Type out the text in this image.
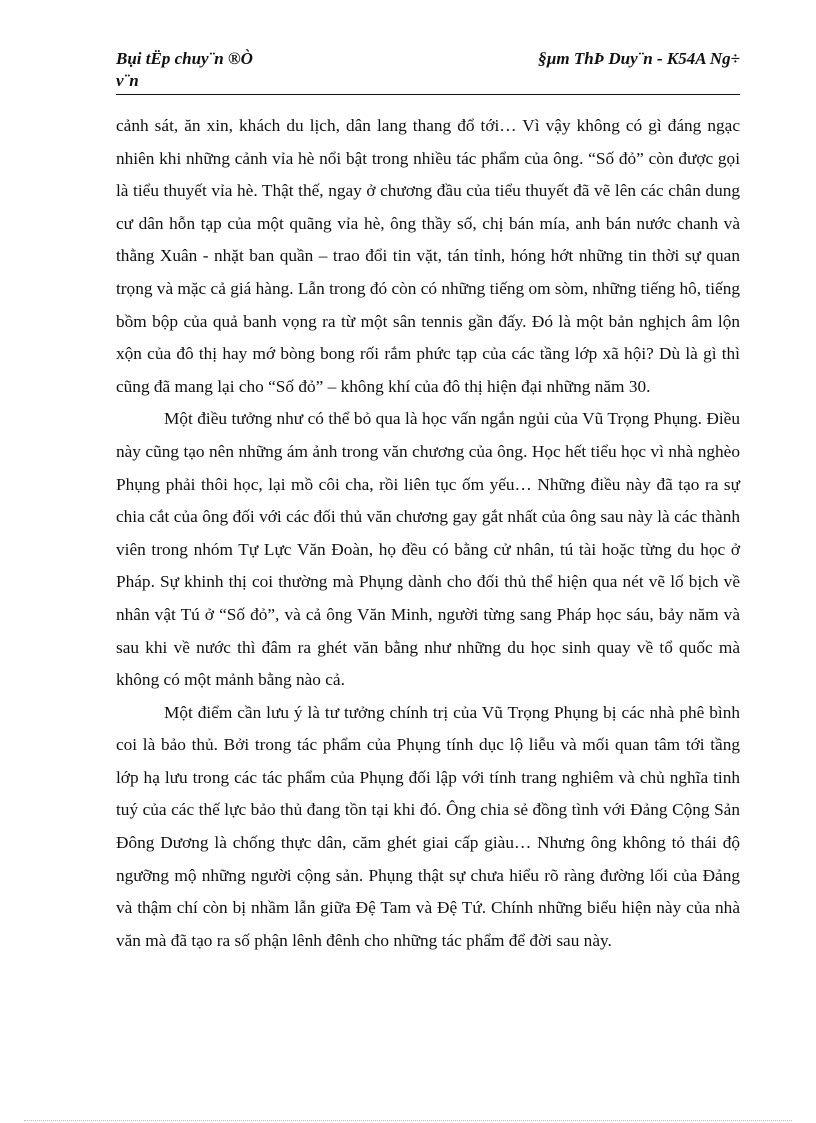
Bụi tËp chuy¨n ®Ò
v¨n
§µm ThÞ Duy¨n - K54A Ng÷

cảnh sát, ăn xin, khách du lịch, dân lang thang đổ tới… Vì vậy không có gì đáng ngạc nhiên khi những cảnh vỉa hè nổi bật trong nhiều tác phẩm của ông. “Số đỏ” còn được gọi là tiểu thuyết vỉa hè. Thật thế, ngay ở chương đầu của tiểu thuyết đã vẽ lên các chân dung cư dân hỗn tạp của một quãng vỉa hè, ông thầy số, chị bán mía, anh bán nước chanh và thằng Xuân - nhặt ban quần – trao đổi tin vặt, tán tỉnh, hóng hớt những tin thời sự quan trọng và mặc cả giá hàng. Lẫn trong đó còn có những tiếng om sòm, những tiếng hô, tiếng bồm bộp của quả banh vọng ra từ một sân tennis gần đấy. Đó là một bản nghịch âm lộn xộn của đô thị hay mớ bòng bong rối rắm phức tạp của các tầng lớp xã hội? Dù là gì thì cũng đã mang lại cho “Số đỏ” – không khí của đô thị hiện đại những năm 30.

Một điều tưởng như có thể bỏ qua là học vấn ngắn ngủi của Vũ Trọng Phụng. Điều này cũng tạo nên những ám ảnh trong văn chương của ông. Học hết tiểu học vì nhà nghèo Phụng phải thôi học, lại mồ côi cha, rồi liên tục ốm yếu… Những điều này đã tạo ra sự chia cắt của ông đối với các đối thủ văn chương gay gắt nhất của ông sau này là các thành viên trong nhóm Tự Lực Văn Đoàn, họ đều có bằng cử nhân, tú tài hoặc từng du học ở Pháp. Sự khinh thị coi thường mà Phụng dành cho đối thủ thể hiện qua nét vẽ lố bịch về nhân vật Tú ở “Số đỏ”, và cả ông Văn Minh, người từng sang Pháp học sáu, bảy năm và sau khi về nước thì đâm ra ghét văn bằng như những du học sinh quay về tổ quốc mà không có một mảnh bằng nào cả.

Một điểm cần lưu ý là tư tưởng chính trị của Vũ Trọng Phụng bị các nhà phê bình coi là bảo thủ. Bởi trong tác phẩm của Phụng tính dục lộ liễu và mối quan tâm tới tầng lớp hạ lưu trong các tác phẩm của Phụng đối lập với tính trang nghiêm và chủ nghĩa tinh tuý của các thế lực bảo thủ đang tồn tại khi đó. Ông chia sẻ đồng tình với Đảng Cộng Sản Đông Dương là chống thực dân, căm ghét giai cấp giàu… Nhưng ông không tỏ thái độ ngưỡng mộ những người cộng sản. Phụng thật sự chưa hiểu rõ ràng đường lối của Đảng và thậm chí còn bị nhầm lẫn giữa Đệ Tam và Đệ Tứ. Chính những biểu hiện này của nhà văn mà đã tạo ra số phận lênh đênh cho những tác phẩm để đời sau này.
